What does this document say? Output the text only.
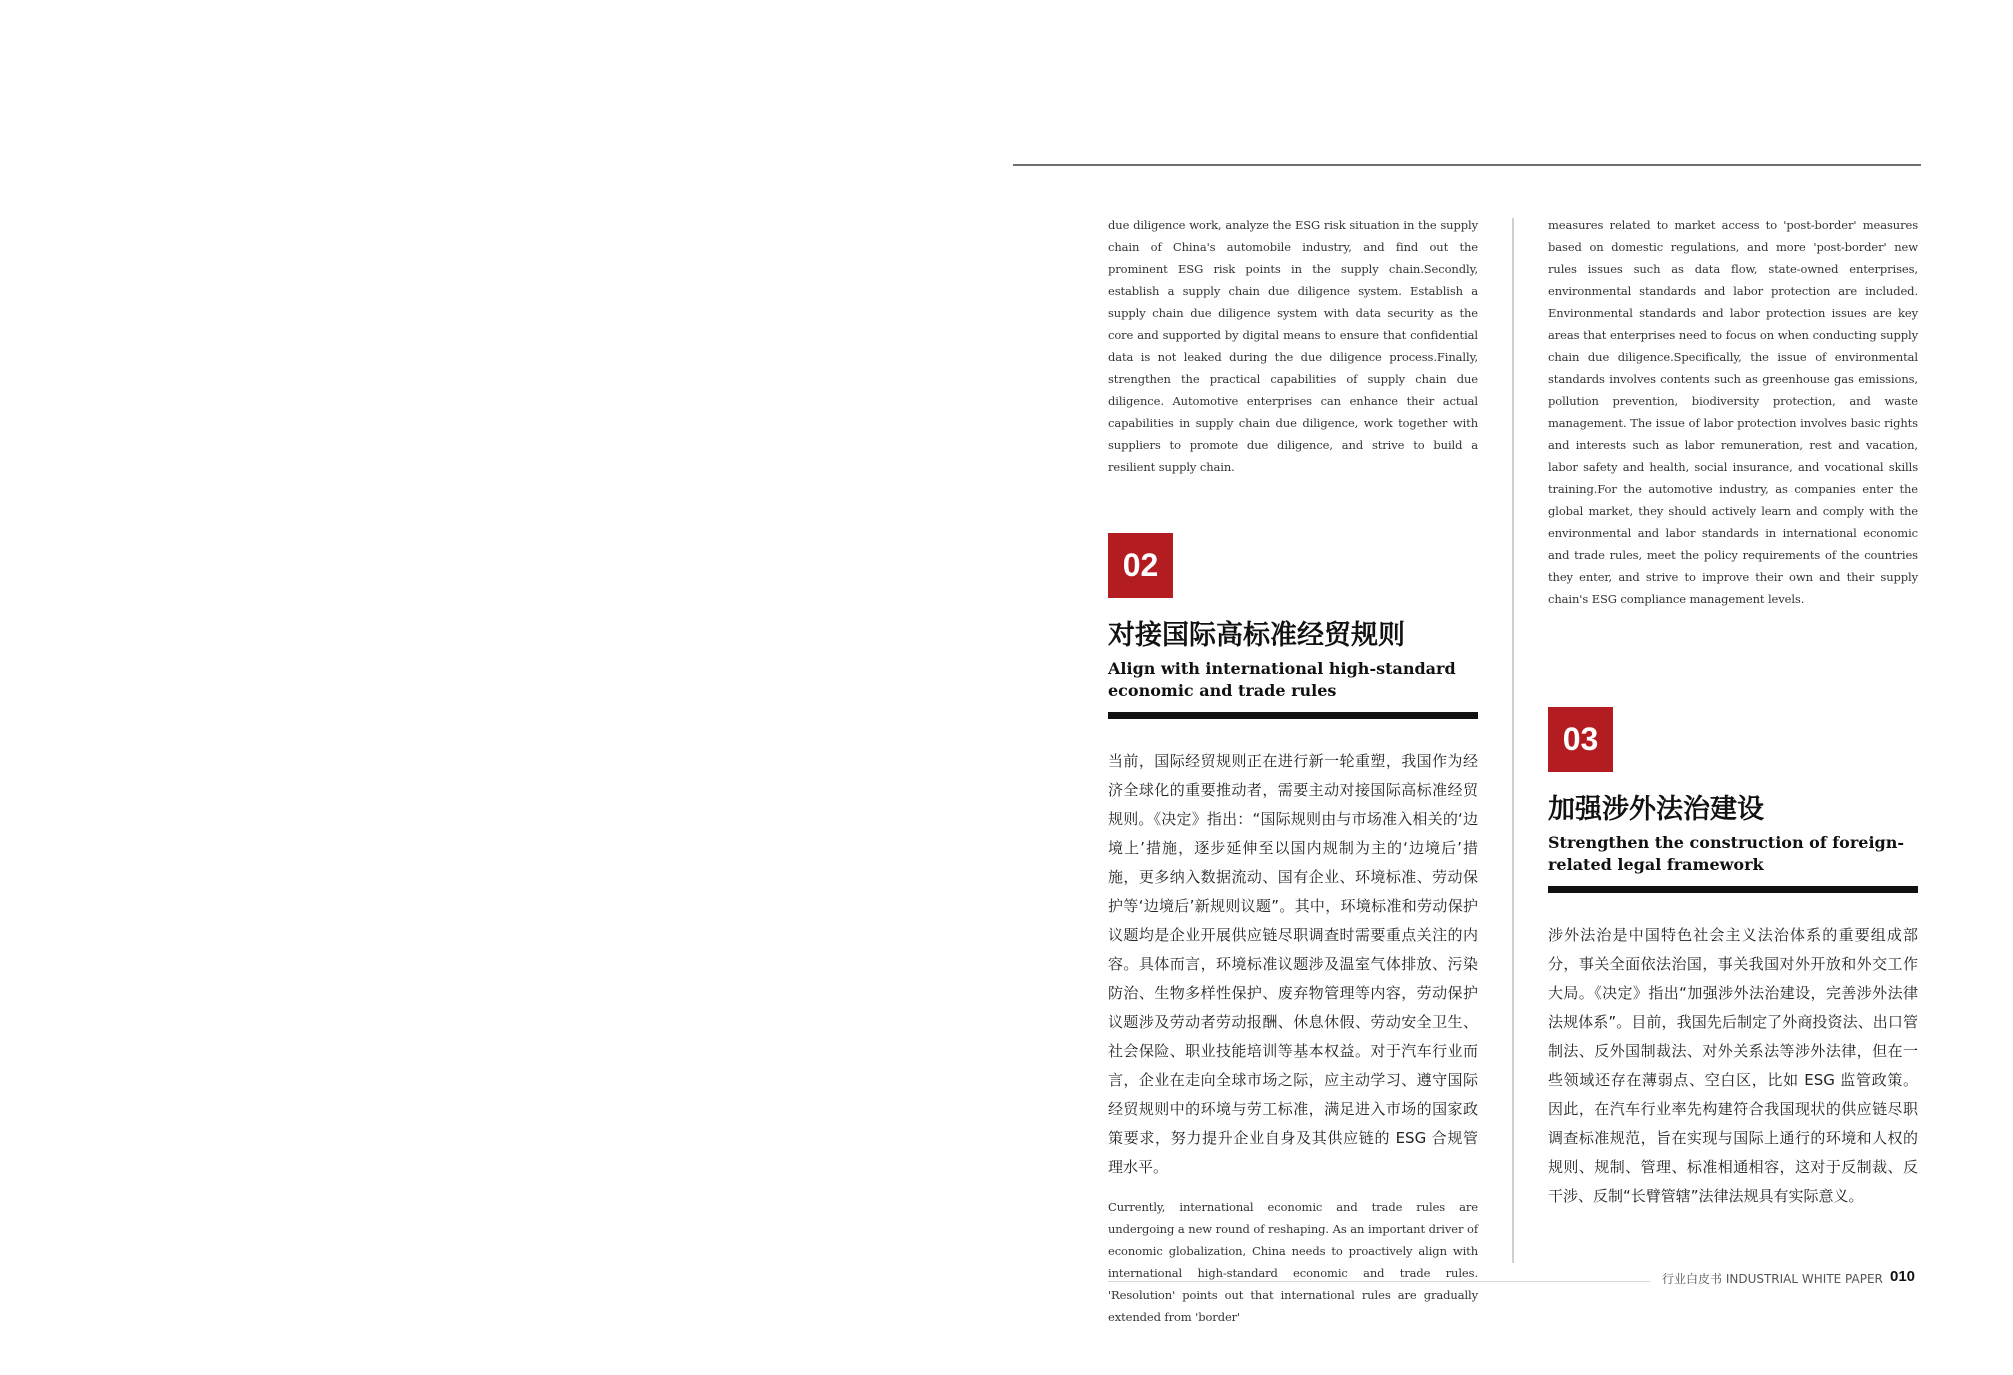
due diligence work, analyze the ESG risk situation in the supply chain of China's automobile industry, and find out the prominent ESG risk points in the supply chain.Secondly, establish a supply chain due diligence system. Establish a supply chain due diligence system with data security as the core and supported by digital means to ensure that confidential data is not leaked during the due diligence process.Finally, strengthen the practical capabilities of supply chain due diligence. Automotive enterprises can enhance their actual capabilities in supply chain due diligence, work together with suppliers to promote due diligence, and strive to build a resilient supply chain.

02
对接国际高标准经贸规则

Align with international high-standard economic and trade rules

当前，国际经贸规则正在进行新一轮重塑，我国作为经济全球化的重要推动者，需要主动对接国际高标准经贸规则。《决定》指出：“国际规则由与市场准入相关的‘边境上’措施，逐步延伸至以国内规制为主的‘边境后’措施，更多纳入数据流动、国有企业、环境标准、劳动保护等‘边境后’新规则议题”。其中，环境标准和劳动保护议题均是企业开展供应链尽职调查时需要重点关注的内容。具体而言，环境标准议题涉及温室气体排放、污染防治、生物多样性保护、废弃物管理等内容，劳动保护议题涉及劳动者劳动报酬、休息休假、劳动安全卫生、社会保险、职业技能培训等基本权益。对于汽车行业而言，企业在走向全球市场之际，应主动学习、遵守国际经贸规则中的环境与劳工标准，满足进入市场的国家政策要求，努力提升企业自身及其供应链的 ESG 合规管理水平。

Currently, international economic and trade rules are undergoing a new round of reshaping. As an important driver of economic globalization, China needs to proactively align with international high-standard economic and trade rules. 'Resolution' points out that international rules are gradually extended from 'border'

measures related to market access to 'post-border' measures based on domestic regulations, and more 'post-border' new rules issues such as data flow, state-owned enterprises, environmental standards and labor protection are included. Environmental standards and labor protection issues are key areas that enterprises need to focus on when conducting supply chain due diligence.Specifically, the issue of environmental standards involves contents such as greenhouse gas emissions, pollution prevention, biodiversity protection, and waste management. The issue of labor protection involves basic rights and interests such as labor remuneration, rest and vacation, labor safety and health, social insurance, and vocational skills training.For the automotive industry, as companies enter the global market, they should actively learn and comply with the environmental and labor standards in international economic and trade rules, meet the policy requirements of the countries they enter, and strive to improve their own and their supply chain's ESG compliance management levels.

03
加强涉外法治建设

Strengthen the construction of foreign-related legal framework

涉外法治是中国特色社会主义法治体系的重要组成部分，事关全面依法治国，事关我国对外开放和外交工作大局。《决定》指出“加强涉外法治建设，完善涉外法律法规体系”。目前，我国先后制定了外商投资法、出口管制法、反外国制裁法、对外关系法等涉外法律，但在一些领域还存在薄弱点、空白区，比如 ESG 监管政策。因此，在汽车行业率先构建符合我国现状的供应链尽职调查标准规范，旨在实现与国际上通行的环境和人权的规则、规制、管理、标准相通相容，这对于反制裁、反干涉、反制“长臂管辖”法律法规具有实际意义。

行业白皮书 INDUSTRIAL WHITE PAPER 010
